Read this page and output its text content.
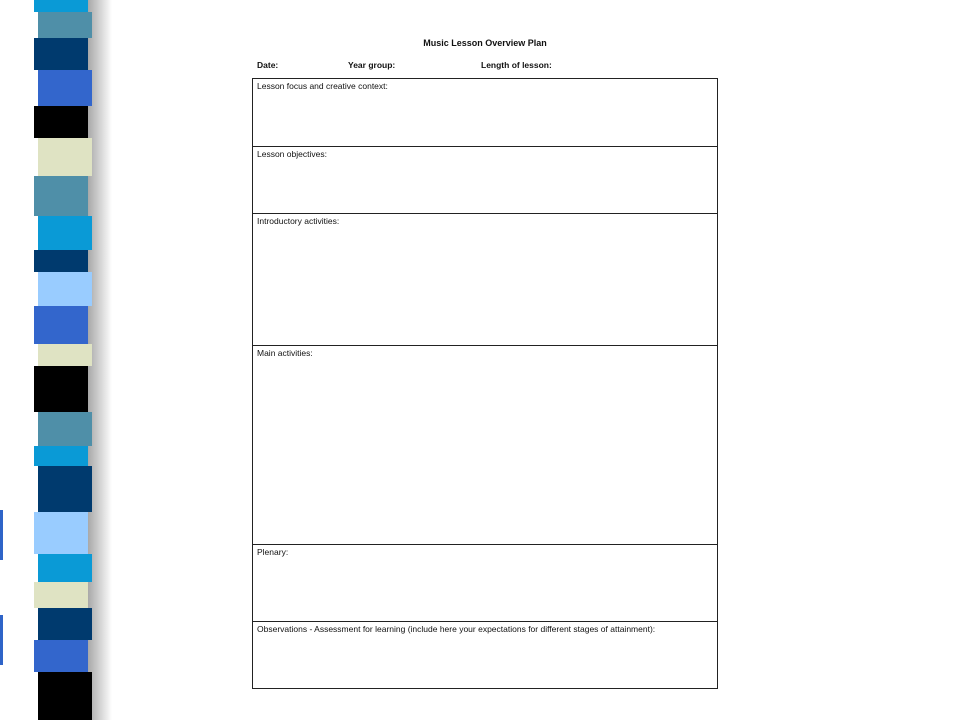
Music Lesson Overview Plan
Date:	Year group:	Length of lesson:
Lesson focus and creative context:
Lesson objectives:
Introductory activities:
Main activities:
Plenary:
Observations - Assessment for learning (include here your expectations for different stages of attainment):
